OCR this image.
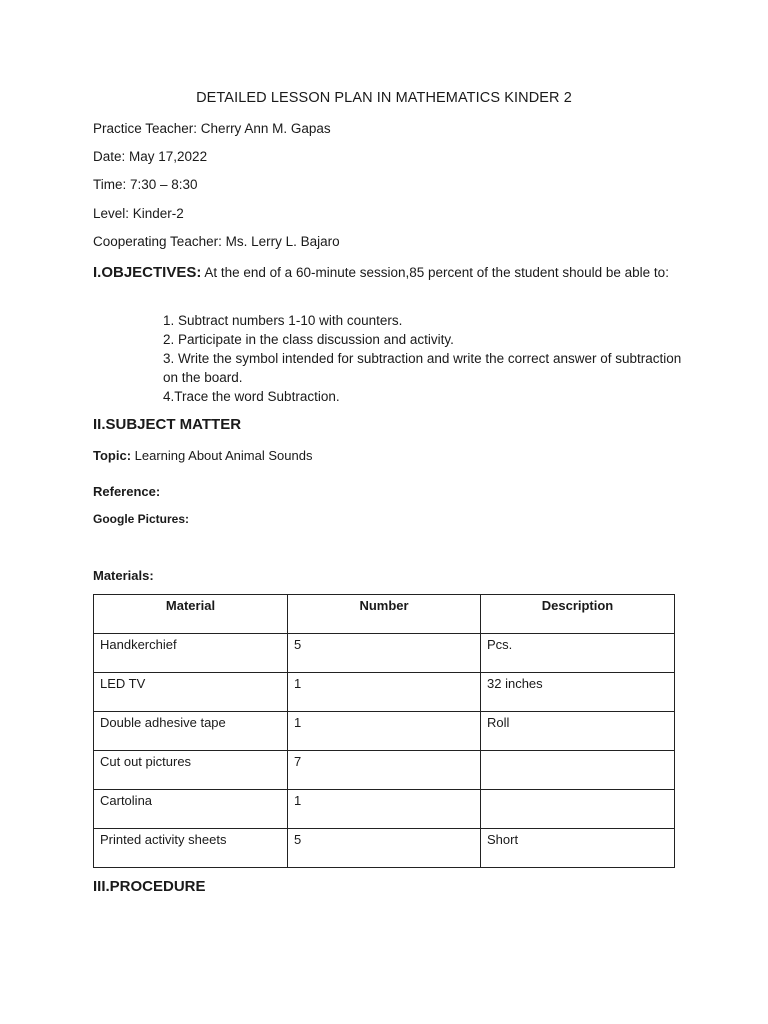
DETAILED LESSON PLAN IN MATHEMATICS KINDER 2
Practice Teacher: Cherry Ann M. Gapas
Date: May 17,2022
Time: 7:30 – 8:30
Level: Kinder-2
Cooperating Teacher: Ms. Lerry L. Bajaro
I.OBJECTIVES: At the end of a 60-minute session,85 percent of the student should be able to:
1. Subtract numbers 1-10 with counters.
2. Participate in the class discussion and activity.
3. Write the symbol intended for subtraction and write the correct answer of subtraction on the board.
4.Trace the word Subtraction.
II.SUBJECT MATTER
Topic: Learning About Animal Sounds
Reference:
Google Pictures:
Materials:
Material	Number	Description
Handkerchief	5	Pcs.
LED TV	1	32 inches
Double adhesive tape	1	Roll
Cut out pictures	7	
Cartolina	1	
Printed activity sheets	5	Short
III.PROCEDURE
